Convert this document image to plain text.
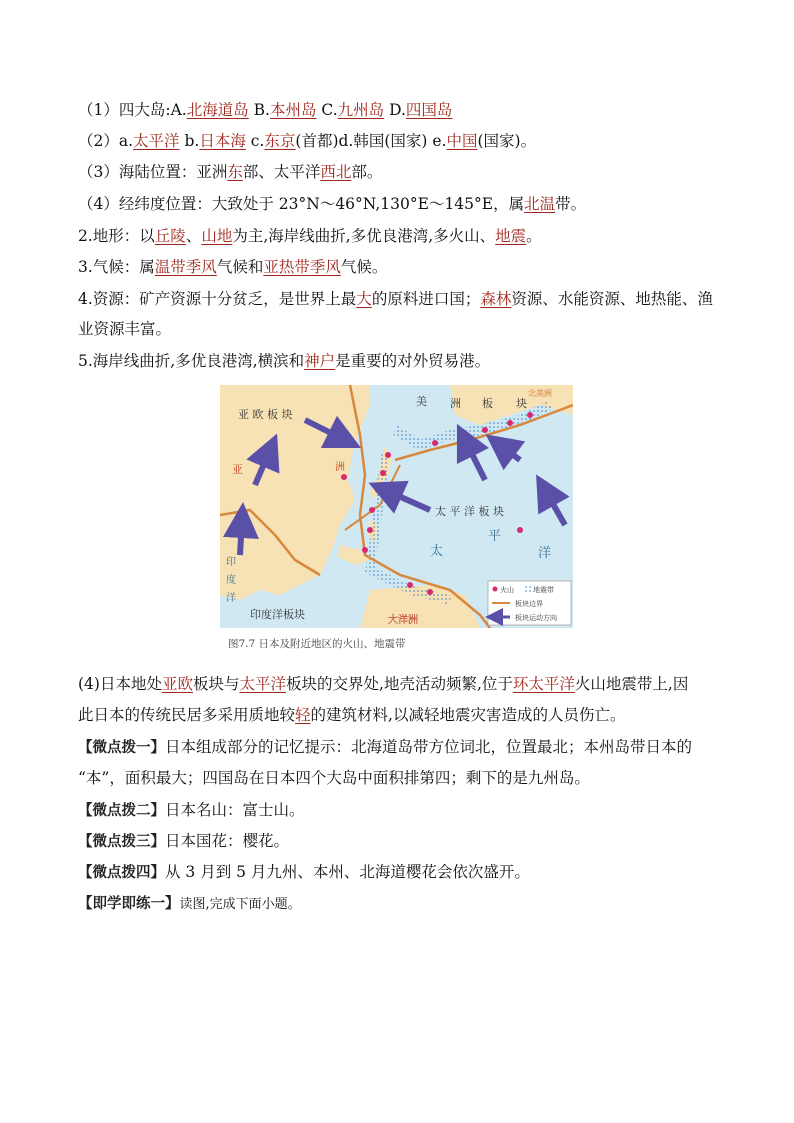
（1）四大岛:A.北海道岛 B.本州岛 C.九州岛 D.四国岛
（2）a.太平洋 b.日本海 c.东京(首都)d.韩国(国家) e.中国(国家)。
（3）海陆位置：亚洲东部、太平洋西北部。
（4）经纬度位置：大致处于 23°N～46°N,130°E～145°E，属北温带。
2.地形：以丘陵、山地为主,海岸线曲折,多优良港湾,多火山、地震。
3.气候：属温带季风气候和亚热带季风气候。
4.资源：矿产资源十分贫乏，是世界上最大的原料进口国；森林资源、水能资源、地热能、渔
业资源丰富。
5.海岸线曲折,多优良港湾,横滨和神户是重要的对外贸易港。
亚 欧 板 块
美 洲 板 块
北美洲
亚	洲
太 平 洋 板 块
太
平
洋
印
度
洋
印度洋板块	大洋洲
火山	地震带
板块边界
板块运动方向
图7.7 日本及附近地区的火山、地震带
(4)日本地处亚欧板块与太平洋板块的交界处,地壳活动频繁,位于环太平洋火山地震带上,因
此日本的传统民居多采用质地较轻的建筑材料,以减轻地震灾害造成的人员伤亡。
【微点拨一】日本组成部分的记忆提示：北海道岛带方位词北，位置最北；本州岛带日本的
“本”，面积最大；四国岛在日本四个大岛中面积排第四；剩下的是九州岛。
【微点拨二】日本名山：富士山。
【微点拨三】日本国花：樱花。
【微点拨四】从 3 月到 5 月九州、本州、北海道樱花会依次盛开。
【即学即练一】读图,完成下面小题。
